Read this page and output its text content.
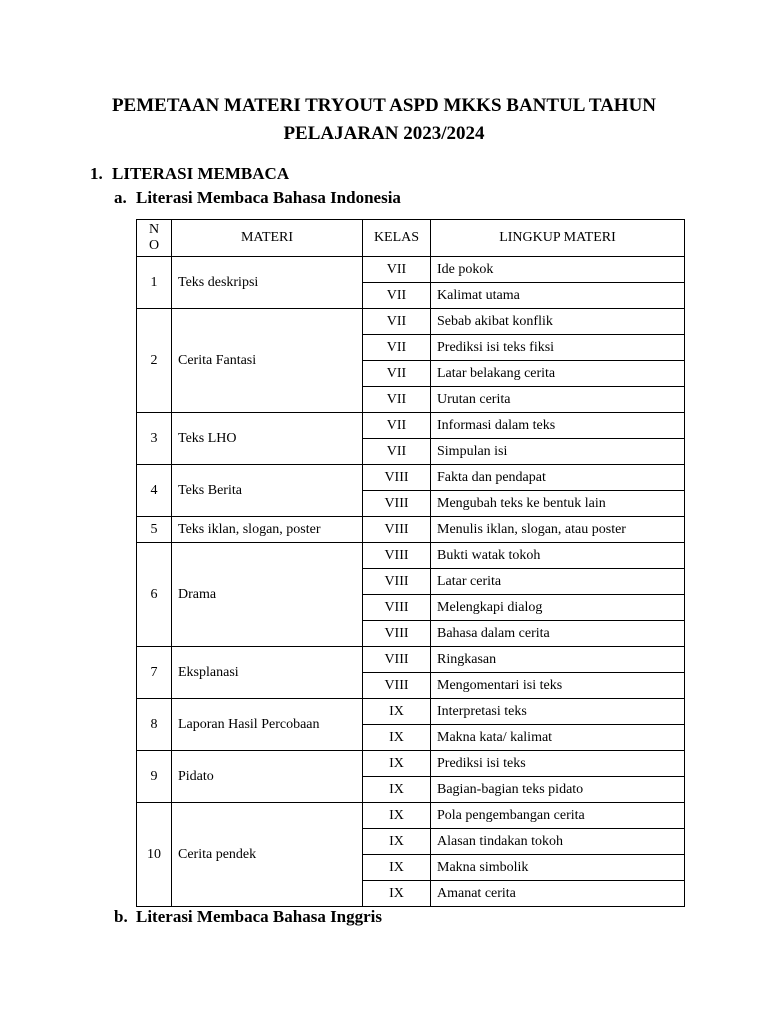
PEMETAAN MATERI TRYOUT ASPD MKKS BANTUL TAHUN
PELAJARAN 2023/2024

1. LITERASI MEMBACA

a. Literasi Membaca Bahasa Indonesia

N
O	MATERI	KELAS	LINGKUP MATERI
1	Teks deskripsi	VII	Ide pokok
		VII	Kalimat utama
2	Cerita Fantasi	VII	Sebab akibat konflik
		VII	Prediksi isi teks fiksi
		VII	Latar belakang cerita
		VII	Urutan cerita
3	Teks LHO	VII	Informasi dalam teks
		VII	Simpulan isi
4	Teks Berita	VIII	Fakta dan pendapat
		VIII	Mengubah teks ke bentuk lain
5	Teks iklan, slogan, poster	VIII	Menulis iklan, slogan, atau poster
6	Drama	VIII	Bukti watak tokoh
		VIII	Latar cerita
		VIII	Melengkapi dialog
		VIII	Bahasa dalam cerita
7	Eksplanasi	VIII	Ringkasan
		VIII	Mengomentari isi teks
8	Laporan Hasil Percobaan	IX	Interpretasi teks
		IX	Makna kata/ kalimat
9	Pidato	IX	Prediksi isi teks
		IX	Bagian-bagian teks pidato
10	Cerita pendek	IX	Pola pengembangan cerita
		IX	Alasan tindakan tokoh
		IX	Makna simbolik
		IX	Amanat cerita

b. Literasi Membaca Bahasa Inggris
